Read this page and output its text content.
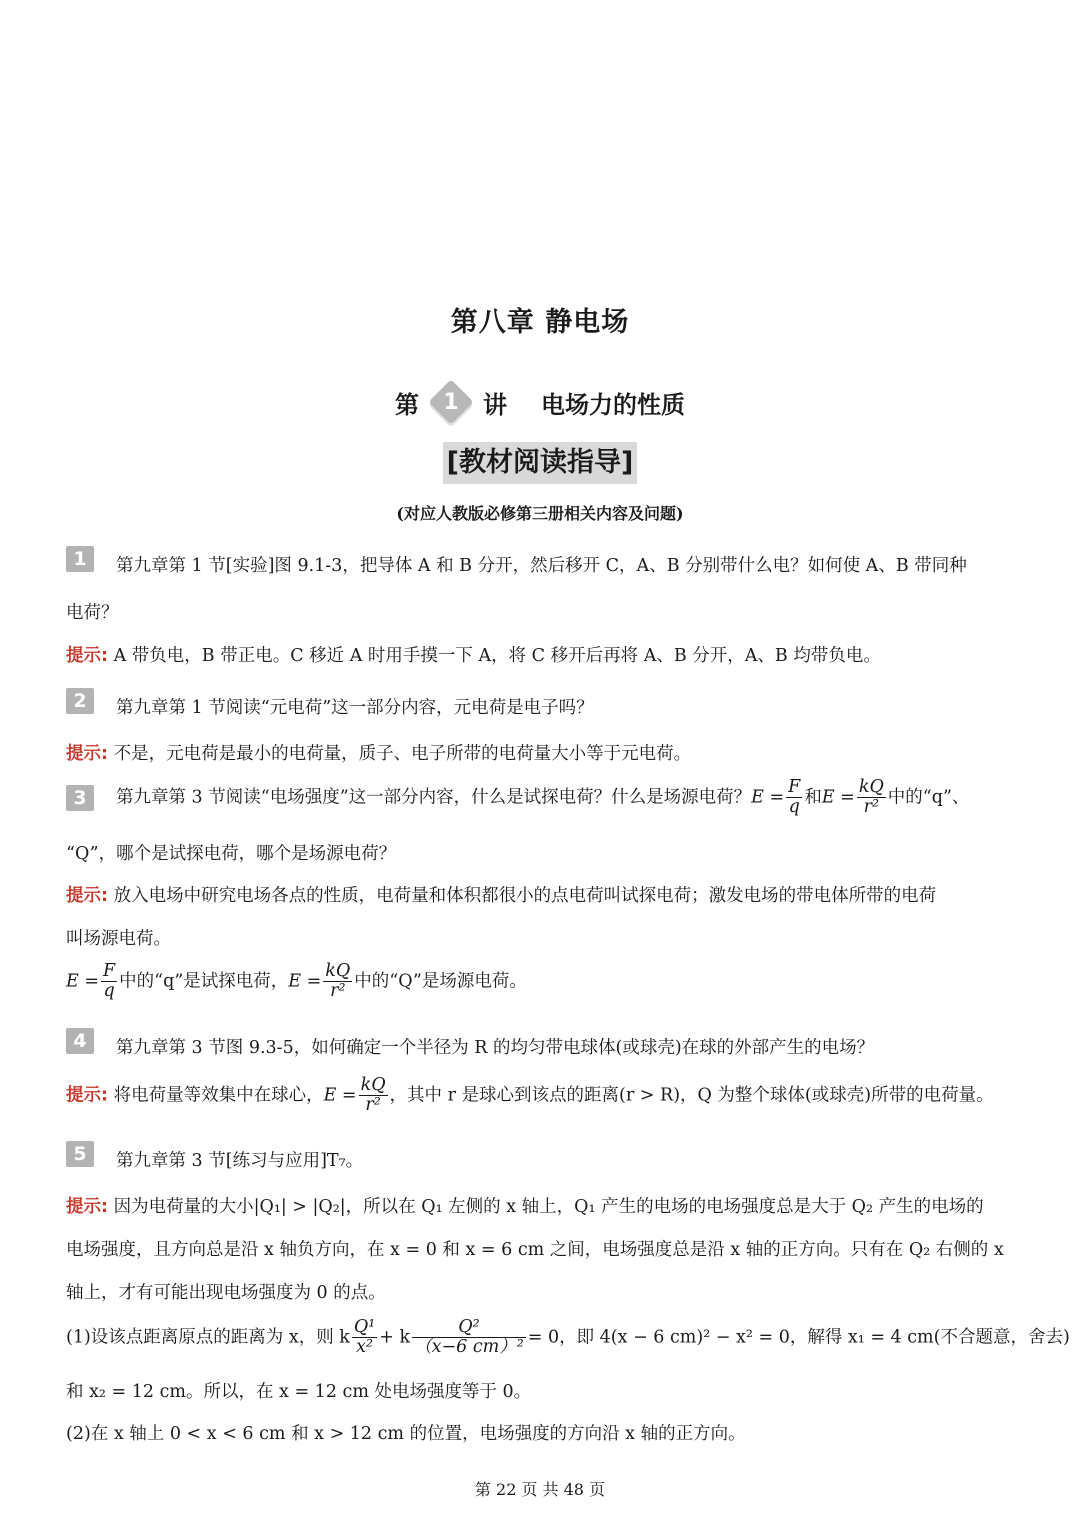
第八章 静电场
第 1 讲 电场力的性质
[教材阅读指导]
(对应人教版必修第三册相关内容及问题)
1	第九章第 1 节[实验]图 9.1-3，把导体 A 和 B 分开，然后移开 C，A、B 分别带什么电？如何使 A、B 带同种
电荷？
提示: A 带负电，B 带正电。C 移近 A 时用手摸一下 A，将 C 移开后再将 A、B 分开，A、B 均带负电。
2	第九章第 1 节阅读“元电荷”这一部分内容，元电荷是电子吗？
提示: 不是，元电荷是最小的电荷量，质子、电子所带的电荷量大小等于元电荷。
3	第九章第 3 节阅读“电场强度”这一部分内容，什么是试探电荷？什么是场源电荷？$E = \frac{F}{q}$ 和$E = \frac{kQ}{\text{r²}}$ 中的“q”、
“Q”，哪个是试探电荷，哪个是场源电荷？
提示: 放入电场中研究电场各点的性质，电荷量和体积都很小的点电荷叫试探电荷；激发电场的带电体所带的电荷
叫场源电荷。
$E = \frac{F}{q}$ 中的“q”是试探电荷，$E = \frac{kQ}{\text{r²}}$ 中的“Q”是场源电荷。
4	第九章第 3 节图 9.3-5，如何确定一个半径为 R 的均匀带电球体(或球壳)在球的外部产生的电场？
提示: 将电荷量等效集中在球心，$E = \frac{kQ}{\text{r²}}$ ，其中 r 是球心到该点的距离(r > R)，Q 为整个球体(或球壳)所带的电荷量。
5	第九章第 3 节[练习与应用]T₇。
提示: 因为电荷量的大小|Q₁| > |Q₂|，所以在 Q₁ 左侧的 x 轴上，Q₁ 产生的电场的电场强度总是大于 Q₂ 产生的电场的
电场强度，且方向总是沿 x 轴负方向，在 x = 0 和 x = 6 cm 之间，电场强度总是沿 x 轴的正方向。只有在 Q₂ 右侧的 x
轴上，才有可能出现电场强度为 0 的点。
(1)设该点距离原点的距离为 x，则 k $\frac{\text{Q¹}}{\text{x²}} + k \frac{\text{Q²}}{\text{（x−6 cm）²}} = 0$，即 4(x − 6 cm)² − x² = 0，解得 x₁ = 4 cm(不合题意，舍去)
和 x₂ = 12 cm。所以，在 x = 12 cm 处电场强度等于 0。
(2)在 x 轴上 0 < x < 6 cm 和 x > 12 cm 的位置，电场强度的方向沿 x 轴的正方向。
第 22 页 共 48 页
